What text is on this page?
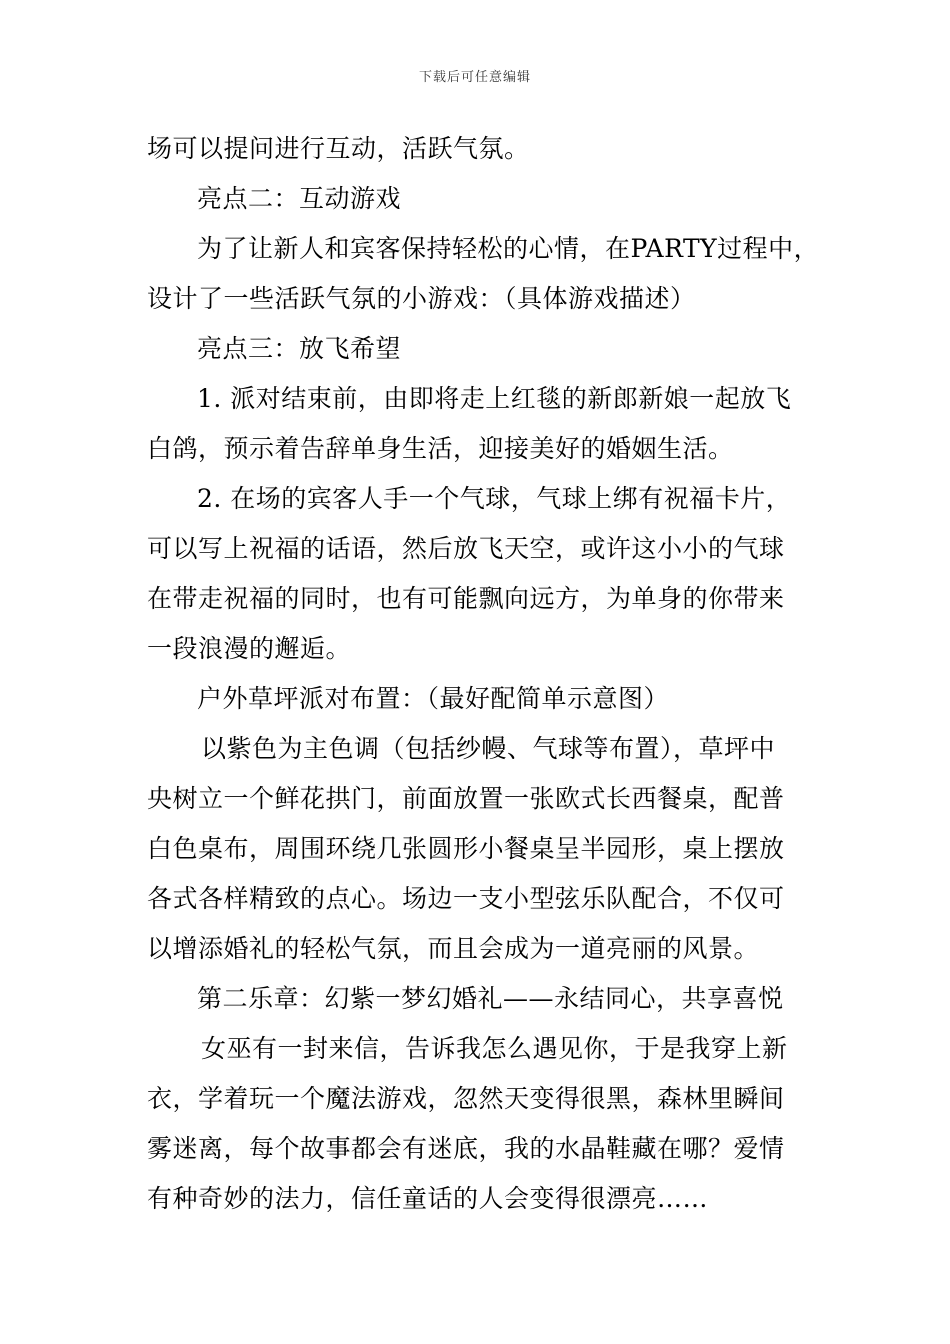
下载后可任意编辑
场可以提问进行互动，活跃气氛。
亮点二：互动游戏
为了让新人和宾客保持轻松的心情，在PARTY过程中，
设计了一些活跃气氛的小游戏：（具体游戏描述）
亮点三：放飞希望
1. 派对结束前，由即将走上红毯的新郎新娘一起放飞
白鸽，预示着告辞单身生活，迎接美好的婚姻生活。
2. 在场的宾客人手一个气球，气球上绑有祝福卡片，
可以写上祝福的话语，然后放飞天空，或许这小小的气球
在带走祝福的同时，也有可能飘向远方，为单身的你带来
一段浪漫的邂逅。
户外草坪派对布置：（最好配简单示意图）
以紫色为主色调（包括纱幔、气球等布置），草坪中
央树立一个鲜花拱门，前面放置一张欧式长西餐桌，配普
白色桌布，周围环绕几张圆形小餐桌呈半园形，桌上摆放
各式各样精致的点心。场边一支小型弦乐队配合，不仅可
以增添婚礼的轻松气氛，而且会成为一道亮丽的风景。
第二乐章：幻紫一梦幻婚礼——永结同心，共享喜悦
女巫有一封来信，告诉我怎么遇见你，于是我穿上新
衣，学着玩一个魔法游戏，忽然天变得很黑，森林里瞬间
雾迷离，每个故事都会有迷底，我的水晶鞋藏在哪？爱情
有种奇妙的法力，信任童话的人会变得很漂亮……
